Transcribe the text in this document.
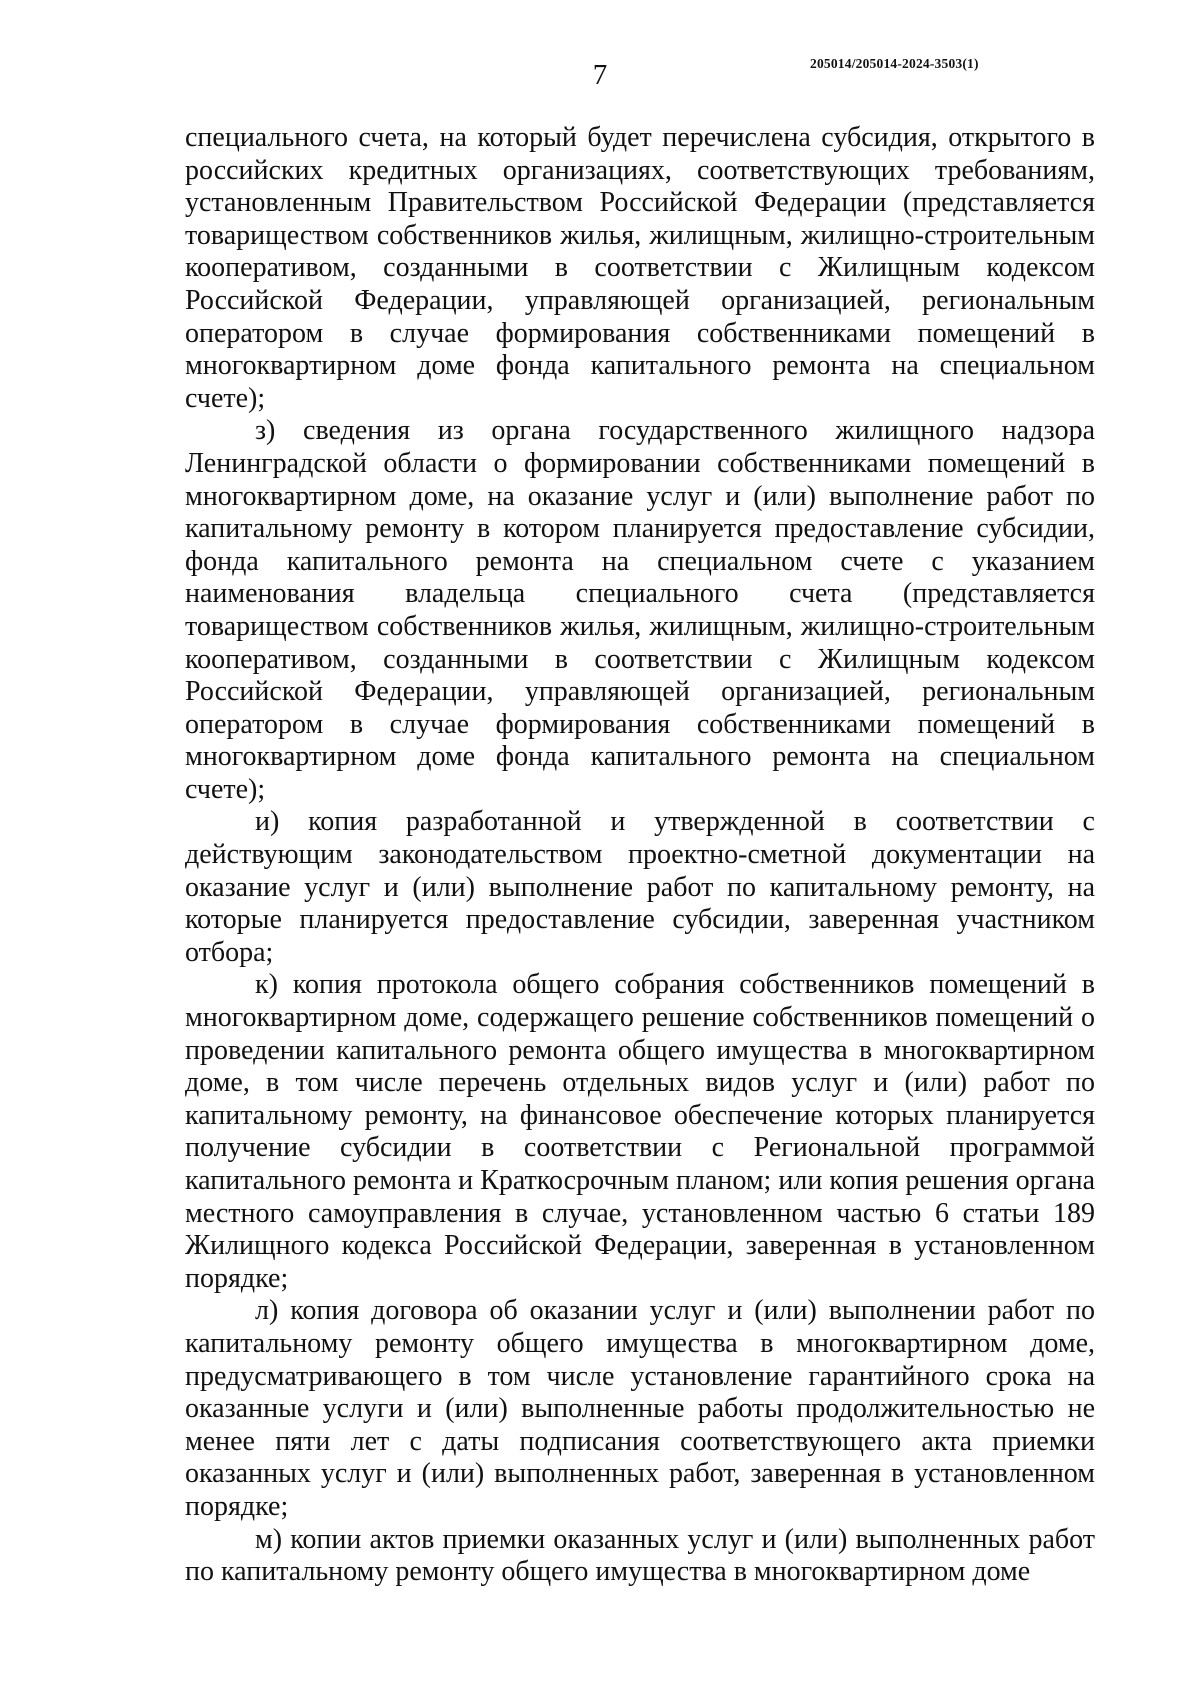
7	205014/205014-2024-3503(1)

специального счета, на который будет перечислена субсидия, открытого в российских кредитных организациях, соответствующих требованиям, установленным Правительством Российской Федерации (представляется товариществом собственников жилья, жилищным, жилищно-строительным кооперативом, созданными в соответствии с Жилищным кодексом Российской Федерации, управляющей организацией, региональным оператором в случае формирования собственниками помещений в многоквартирном доме фонда капитального ремонта на специальном счете);

з) сведения из органа государственного жилищного надзора Ленинградской области о формировании собственниками помещений в многоквартирном доме, на оказание услуг и (или) выполнение работ по капитальному ремонту в котором планируется предоставление субсидии, фонда капитального ремонта на специальном счете с указанием наименования владельца специального счета (представляется товариществом собственников жилья, жилищным, жилищно-строительным кооперативом, созданными в соответствии с Жилищным кодексом Российской Федерации, управляющей организацией, региональным оператором в случае формирования собственниками помещений в многоквартирном доме фонда капитального ремонта на специальном счете);

и) копия разработанной и утвержденной в соответствии с действующим законодательством проектно-сметной документации на оказание услуг и (или) выполнение работ по капитальному ремонту, на которые планируется предоставление субсидии, заверенная участником отбора;

к) копия протокола общего собрания собственников помещений в многоквартирном доме, содержащего решение собственников помещений о проведении капитального ремонта общего имущества в многоквартирном доме, в том числе перечень отдельных видов услуг и (или) работ по капитальному ремонту, на финансовое обеспечение которых планируется получение субсидии в соответствии с Региональной программой капитального ремонта и Краткосрочным планом; или копия решения органа местного самоуправления в случае, установленном частью 6 статьи 189 Жилищного кодекса Российской Федерации, заверенная в установленном порядке;

л) копия договора об оказании услуг и (или) выполнении работ по капитальному ремонту общего имущества в многоквартирном доме, предусматривающего в том числе установление гарантийного срока на оказанные услуги и (или) выполненные работы продолжительностью не менее пяти лет с даты подписания соответствующего акта приемки оказанных услуг и (или) выполненных работ, заверенная в установленном порядке;

м) копии актов приемки оказанных услуг и (или) выполненных работ по капитальному ремонту общего имущества в многоквартирном доме
